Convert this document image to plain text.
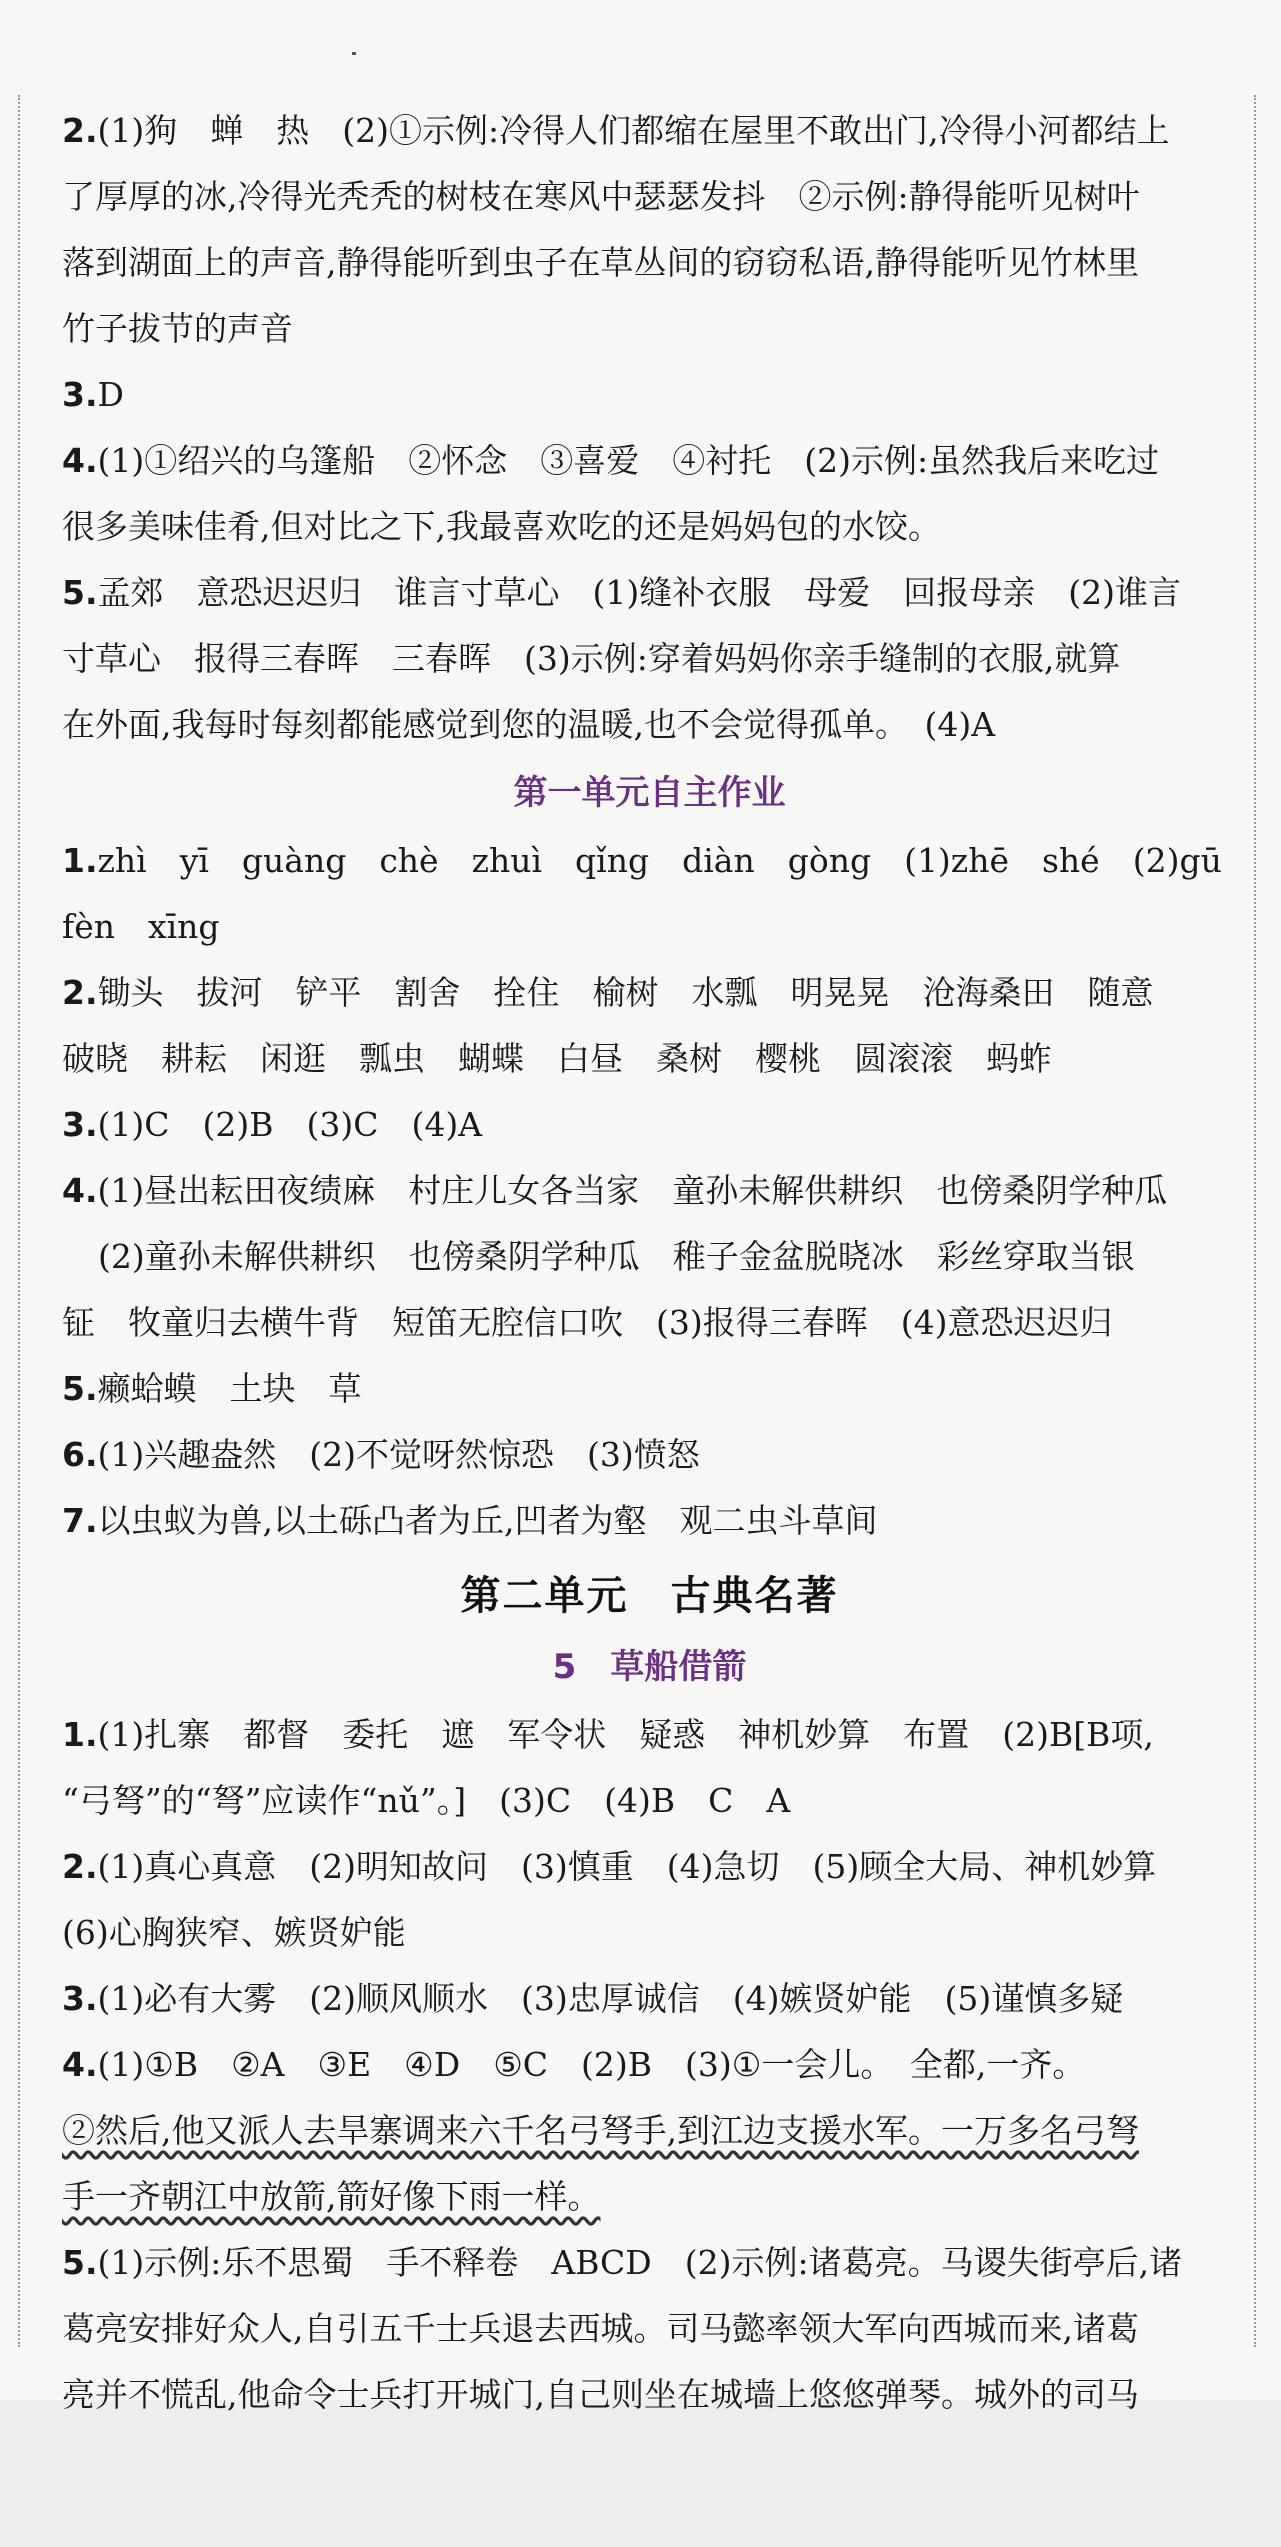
2.(1)狗　蝉　热　(2)①示例:冷得人们都缩在屋里不敢出门,冷得小河都结上

了厚厚的冰,冷得光秃秃的树枝在寒风中瑟瑟发抖　②示例:静得能听见树叶

落到湖面上的声音,静得能听到虫子在草丛间的窃窃私语,静得能听见竹林里

竹子拔节的声音

3.D

4.(1)①绍兴的乌篷船　②怀念　③喜爱　④衬托　(2)示例:虽然我后来吃过

很多美味佳肴,但对比之下,我最喜欢吃的还是妈妈包的水饺。

5.孟郊　意恐迟迟归　谁言寸草心　(1)缝补衣服　母爱　回报母亲　(2)谁言

寸草心　报得三春晖　三春晖　(3)示例:穿着妈妈你亲手缝制的衣服,就算

在外面,我每时每刻都能感觉到您的温暖,也不会觉得孤单。　(4)A

第一单元自主作业

1.zhì　yī　guàng　chè　zhuì　qǐng　diàn　gòng　(1)zhē　shé　(2)gū

fèn　xīng

2.锄头　拔河　铲平　割舍　拴住　榆树　水瓢　明晃晃　沧海桑田　随意

破晓　耕耘　闲逛　瓢虫　蝴蝶　白昼　桑树　樱桃　圆滚滚　蚂蚱

3.(1)C　(2)B　(3)C　(4)A

4.(1)昼出耘田夜绩麻　村庄儿女各当家　童孙未解供耕织　也傍桑阴学种瓜

(2)童孙未解供耕织　也傍桑阴学种瓜　稚子金盆脱晓冰　彩丝穿取当银

钲　牧童归去横牛背　短笛无腔信口吹　(3)报得三春晖　(4)意恐迟迟归

5.癞蛤蟆　土块　草

6.(1)兴趣盎然　(2)不觉呀然惊恐　(3)愤怒

7.以虫蚁为兽,以土砾凸者为丘,凹者为壑　观二虫斗草间

第二单元　古典名著

5　草船借箭

1.(1)扎寨　都督　委托　遮　军令状　疑惑　神机妙算　布置　(2)B[B项,

“弓弩”的“弩”应读作“nǔ”。]　(3)C　(4)B　C　A

2.(1)真心真意　(2)明知故问　(3)慎重　(4)急切　(5)顾全大局、神机妙算

(6)心胸狭窄、嫉贤妒能

3.(1)必有大雾　(2)顺风顺水　(3)忠厚诚信　(4)嫉贤妒能　(5)谨慎多疑

4.(1)①B　②A　③E　④D　⑤C　(2)B　(3)①一会儿。　全都,一齐。

②然后,他又派人去旱寨调来六千名弓弩手,到江边支援水军。一万多名弓弩

手一齐朝江中放箭,箭好像下雨一样。

5.(1)示例:乐不思蜀　手不释卷　ABCD　(2)示例:诸葛亮。马谡失街亭后,诸

葛亮安排好众人,自引五千士兵退去西城。司马懿率领大军向西城而来,诸葛

亮并不慌乱,他命令士兵打开城门,自己则坐在城墙上悠悠弹琴。城外的司马
